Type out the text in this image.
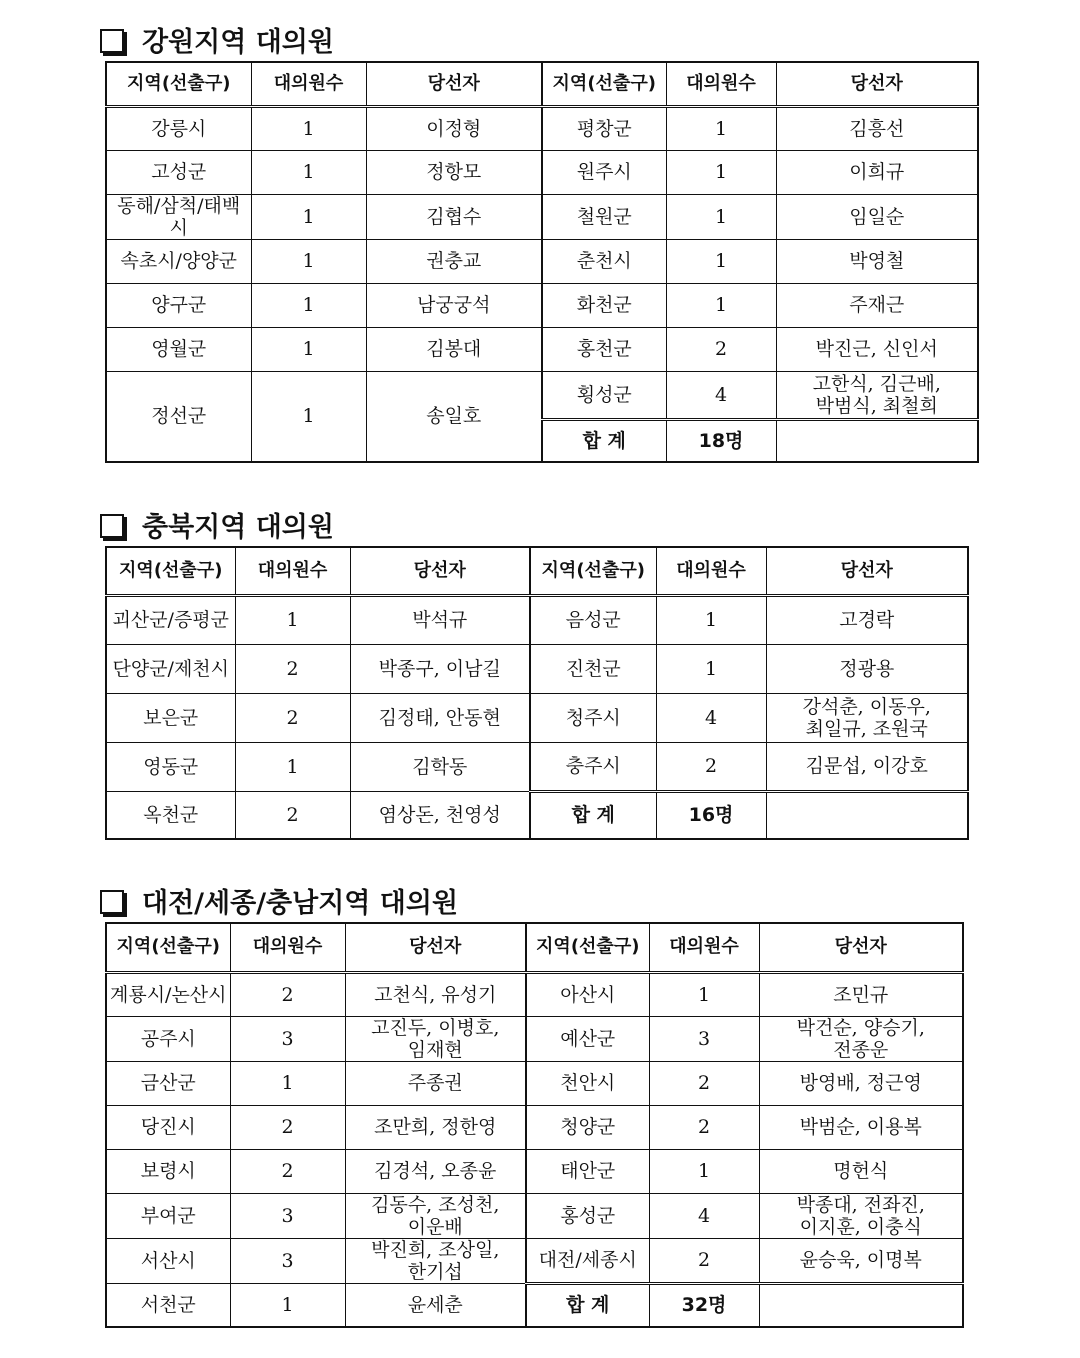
강원지역 대의원
지역(선출구)	대의원수	당선자	지역(선출구)	대의원수	당선자
강릉시	1	이정형	평창군	1	김흥선
고성군	1	정항모	원주시	1	이희규
동해/삼척/태백시	1	김협수	철원군	1	임일순
속초시/양양군	1	권충교	춘천시	1	박영철
양구군	1	남궁궁석	화천군	1	주재근
영월군	1	김봉대	홍천군	2	박진근, 신인서
정선군	1	송일호	횡성군	4	고한식, 김근배, 박범식, 최철희
			합 계	18명	
충북지역 대의원
지역(선출구)	대의원수	당선자	지역(선출구)	대의원수	당선자
괴산군/증평군	1	박석규	음성군	1	고경락
단양군/제천시	2	박종구, 이남길	진천군	1	정광용
보은군	2	김정태, 안동현	청주시	4	강석춘, 이동우, 최일규, 조원국
영동군	1	김학동	충주시	2	김문섭, 이강호
옥천군	2	염상돈, 천영성	합 계	16명	
대전/세종/충남지역 대의원
지역(선출구)	대의원수	당선자	지역(선출구)	대의원수	당선자
계룡시/논산시	2	고천식, 유성기	아산시	1	조민규
공주시	3	고진두, 이병호, 임재현	예산군	3	박건순, 양승기, 전종운
금산군	1	주종권	천안시	2	방영배, 정근영
당진시	2	조만희, 정한영	청양군	2	박범순, 이용복
보령시	2	김경석, 오종윤	태안군	1	명헌식
부여군	3	김동수, 조성천, 이운배	홍성군	4	박종대, 전좌진, 이지훈, 이충식
서산시	3	박진희, 조상일, 한기섭	대전/세종시	2	윤승욱, 이명복
서천군	1	윤세춘	합 계	32명	
